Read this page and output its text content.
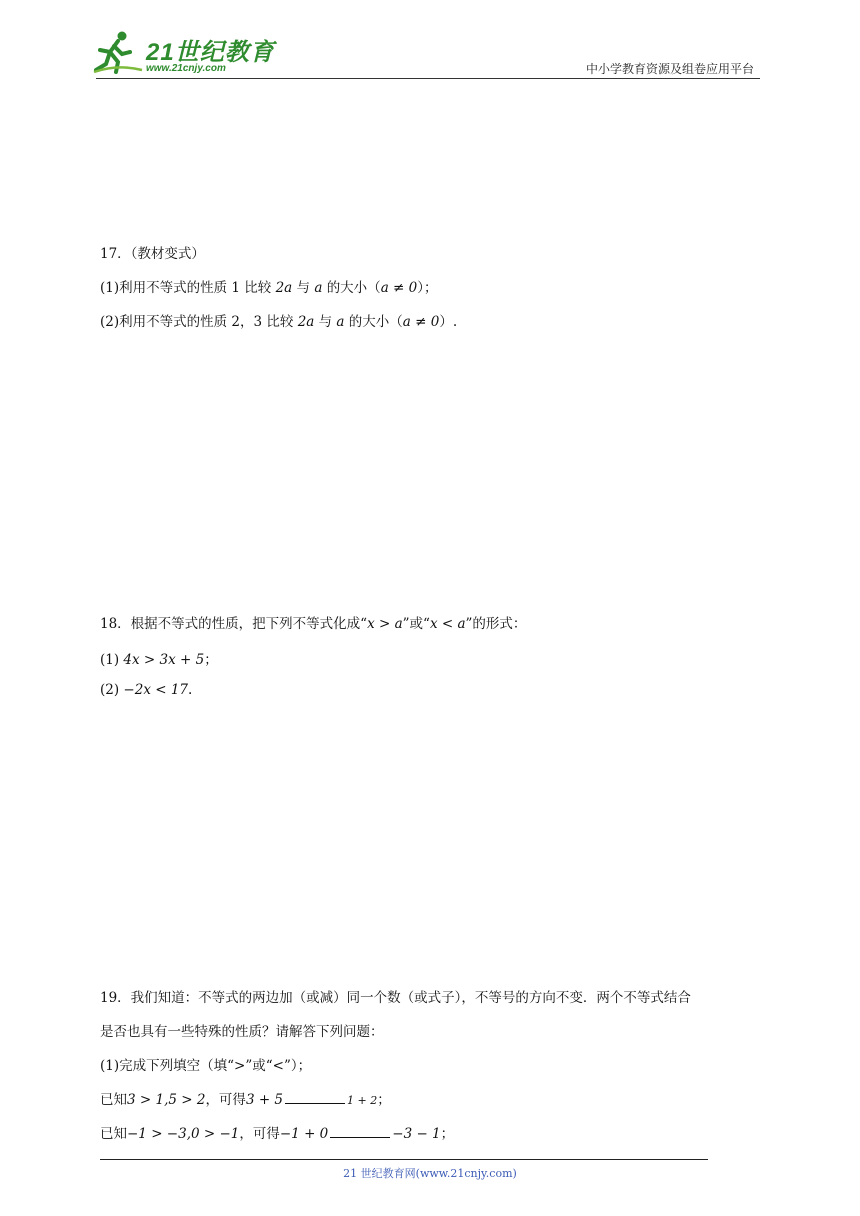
21世纪教育
www.21cnjy.com	中小学教育资源及组卷应用平台
17．（教材变式）
(1)利用不等式的性质 1 比较 2a 与 a 的大小（a ≠ 0）；
(2)利用不等式的性质 2，3 比较 2a 与 a 的大小（a ≠ 0）.
18．根据不等式的性质，把下列不等式化成“x > a”或“x < a”的形式：
(1) 4x > 3x + 5；
(2) −2x < 17.
19．我们知道：不等式的两边加（或减）同一个数（或式子），不等号的方向不变．两个不等式结合
是否也具有一些特殊的性质？请解答下列问题：
(1)完成下列填空（填“>”或“<”）；
已知3 > 1,5 > 2，可得3 + 5	1 + 2；
已知−1 > −3,0 > −1，可得−1 + 0	−3 − 1；
21 世纪教育网(www.21cnjy.com)
